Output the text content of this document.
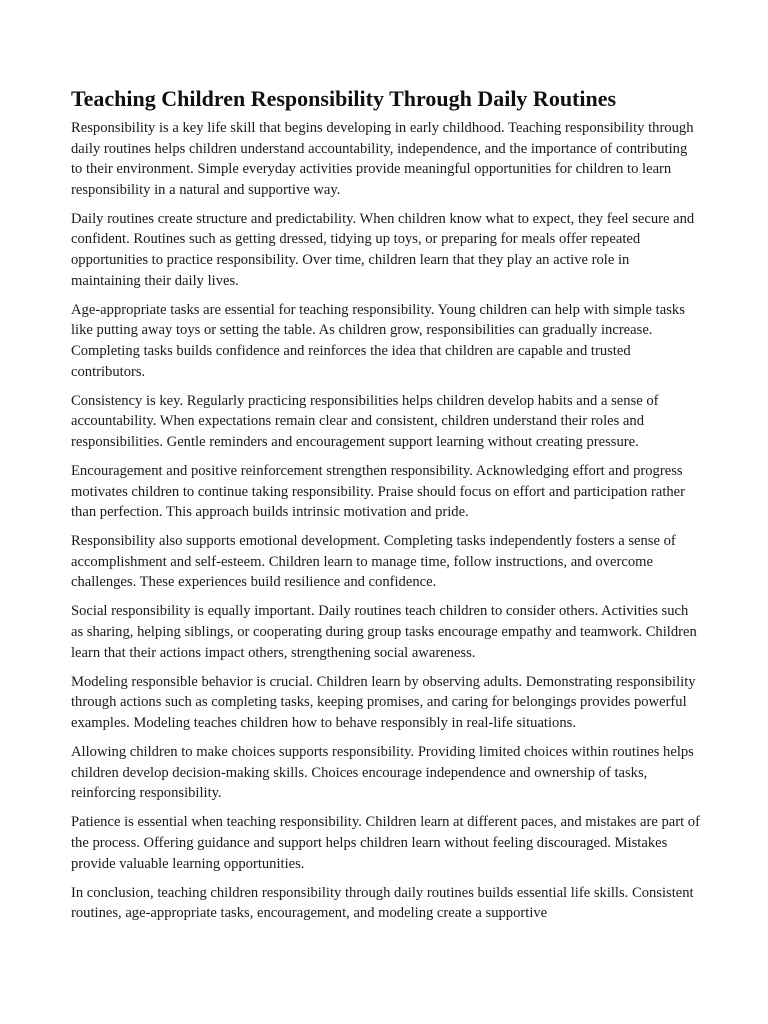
Teaching Children Responsibility Through Daily Routines

Responsibility is a key life skill that begins developing in early childhood. Teaching responsibility through daily routines helps children understand accountability, independence, and the importance of contributing to their environment. Simple everyday activities provide meaningful opportunities for children to learn responsibility in a natural and supportive way.

Daily routines create structure and predictability. When children know what to expect, they feel secure and confident. Routines such as getting dressed, tidying up toys, or preparing for meals offer repeated opportunities to practice responsibility. Over time, children learn that they play an active role in maintaining their daily lives.

Age-appropriate tasks are essential for teaching responsibility. Young children can help with simple tasks like putting away toys or setting the table. As children grow, responsibilities can gradually increase. Completing tasks builds confidence and reinforces the idea that children are capable and trusted contributors.

Consistency is key. Regularly practicing responsibilities helps children develop habits and a sense of accountability. When expectations remain clear and consistent, children understand their roles and responsibilities. Gentle reminders and encouragement support learning without creating pressure.

Encouragement and positive reinforcement strengthen responsibility. Acknowledging effort and progress motivates children to continue taking responsibility. Praise should focus on effort and participation rather than perfection. This approach builds intrinsic motivation and pride.

Responsibility also supports emotional development. Completing tasks independently fosters a sense of accomplishment and self-esteem. Children learn to manage time, follow instructions, and overcome challenges. These experiences build resilience and confidence.

Social responsibility is equally important. Daily routines teach children to consider others. Activities such as sharing, helping siblings, or cooperating during group tasks encourage empathy and teamwork. Children learn that their actions impact others, strengthening social awareness.

Modeling responsible behavior is crucial. Children learn by observing adults. Demonstrating responsibility through actions such as completing tasks, keeping promises, and caring for belongings provides powerful examples. Modeling teaches children how to behave responsibly in real-life situations.

Allowing children to make choices supports responsibility. Providing limited choices within routines helps children develop decision-making skills. Choices encourage independence and ownership of tasks, reinforcing responsibility.

Patience is essential when teaching responsibility. Children learn at different paces, and mistakes are part of the process. Offering guidance and support helps children learn without feeling discouraged. Mistakes provide valuable learning opportunities.

In conclusion, teaching children responsibility through daily routines builds essential life skills. Consistent routines, age-appropriate tasks, encouragement, and modeling create a supportive
